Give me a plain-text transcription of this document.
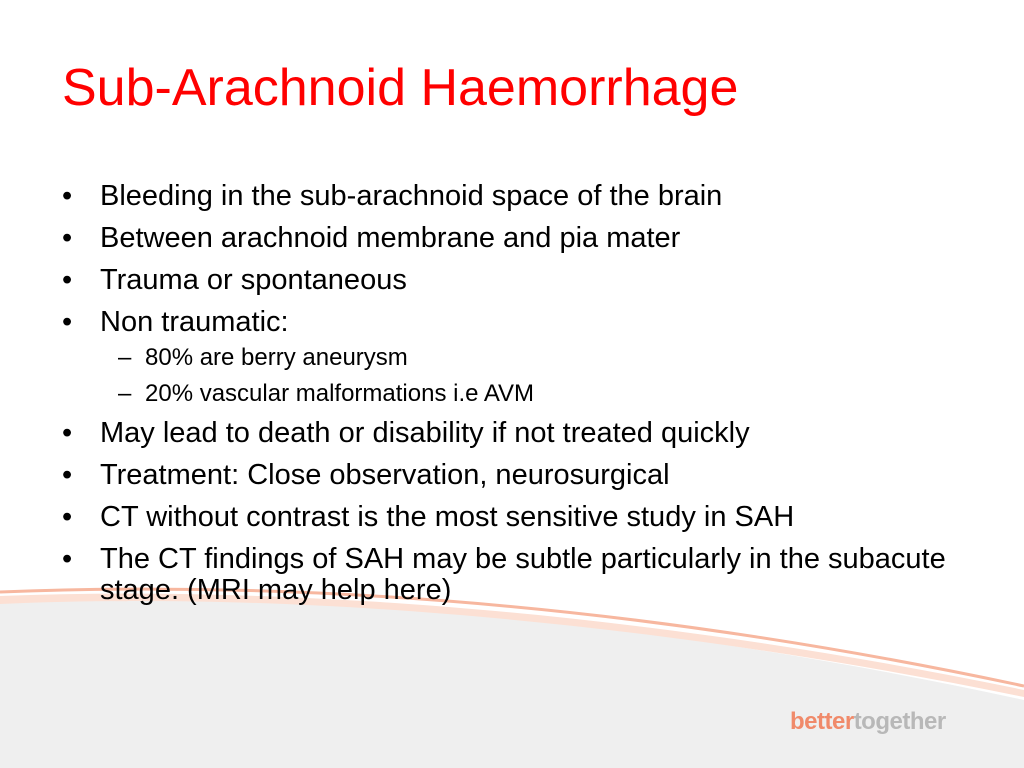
Sub-Arachnoid Haemorrhage
• Bleeding in the sub-arachnoid space of the brain
• Between arachnoid membrane and pia mater
• Trauma or spontaneous
• Non traumatic:
– 80% are berry aneurysm
– 20% vascular malformations i.e AVM
• May lead to death or disability if not treated quickly
• Treatment: Close observation, neurosurgical
• CT without contrast is the most sensitive study in SAH
• The CT findings of SAH may be subtle particularly in the subacute stage. (MRI may help here)
bettertogether
